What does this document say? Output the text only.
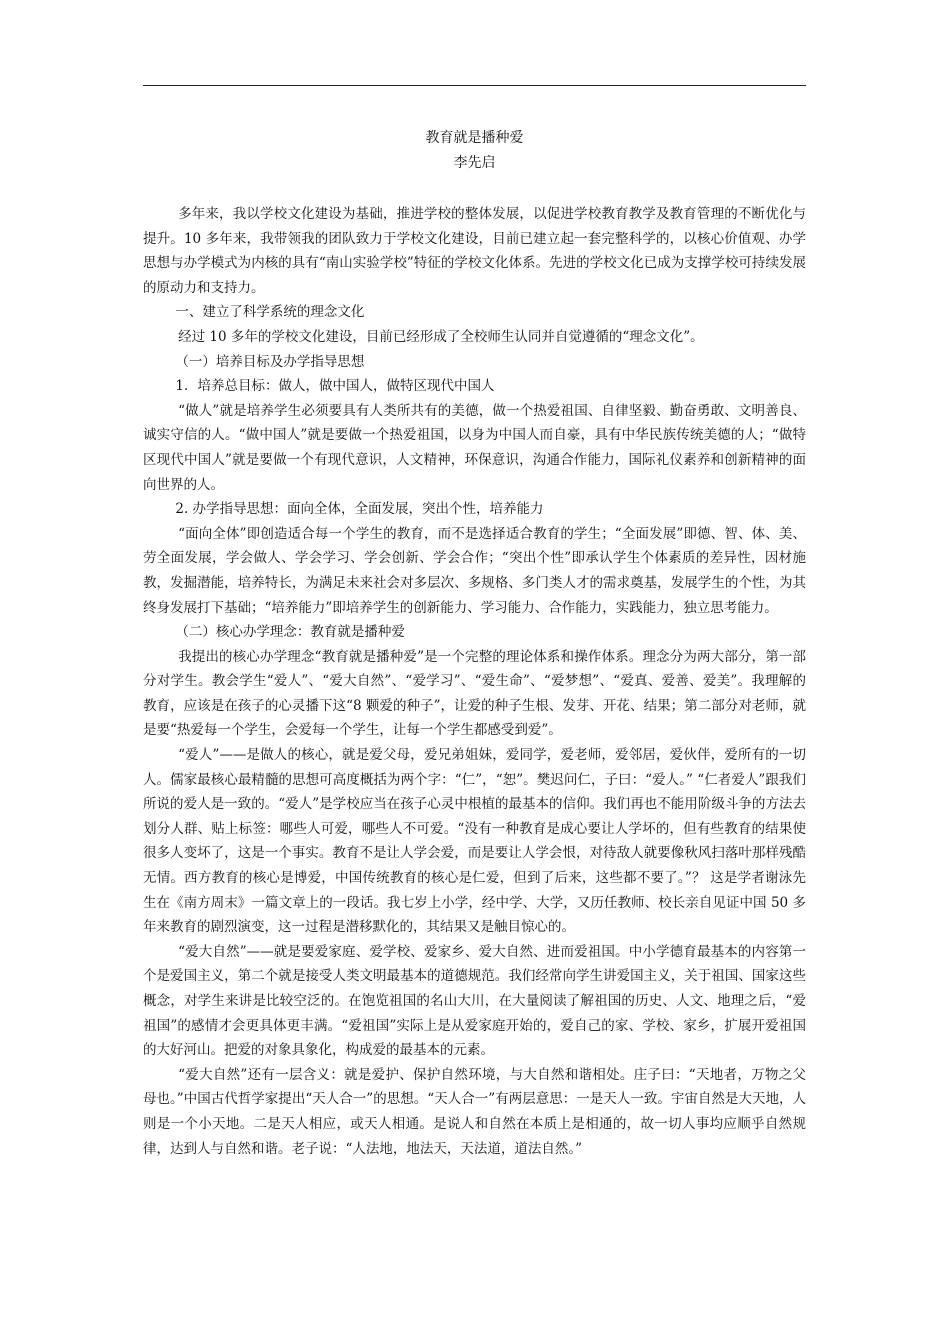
教育就是播种爱
李先启

多年来，我以学校文化建设为基础，推进学校的整体发展，以促进学校教育教学及教育管理的不断优化与提升。10 多年来，我带领我的团队致力于学校文化建设，目前已建立起一套完整科学的，以核心价值观、办学思想与办学模式为内核的具有“南山实验学校”特征的学校文化体系。先进的学校文化已成为支撑学校可持续发展的原动力和支持力。

一、建立了科学系统的理念文化

经过 10 多年的学校文化建设，目前已经形成了全校师生认同并自觉遵循的“理念文化”。

（一）培养目标及办学指导思想

1．培养总目标：做人，做中国人，做特区现代中国人

“做人”就是培养学生必须要具有人类所共有的美德，做一个热爱祖国、自律坚毅、勤奋勇敢、文明善良、诚实守信的人。“做中国人”就是要做一个热爱祖国，以身为中国人而自豪，具有中华民族传统美德的人；“做特区现代中国人”就是要做一个有现代意识，人文精神，环保意识，沟通合作能力，国际礼仪素养和创新精神的面向世界的人。

2. 办学指导思想：面向全体，全面发展，突出个性，培养能力

“面向全体”即创造适合每一个学生的教育，而不是选择适合教育的学生；“全面发展”即德、智、体、美、劳全面发展，学会做人、学会学习、学会创新、学会合作；“突出个性”即承认学生个体素质的差异性，因材施教，发掘潜能，培养特长，为满足未来社会对多层次、多规格、多门类人才的需求奠基，发展学生的个性，为其终身发展打下基础；“培养能力”即培养学生的创新能力、学习能力、合作能力，实践能力，独立思考能力。

（二）核心办学理念：教育就是播种爱

我提出的核心办学理念“教育就是播种爱”是一个完整的理论体系和操作体系。理念分为两大部分，第一部分对学生。教会学生“爱人”、“爱大自然”、“爱学习”、“爱生命”、“爱梦想”、“爱真、爱善、爱美”。我理解的教育，应该是在孩子的心灵播下这“8 颗爱的种子”，让爱的种子生根、发芽、开花、结果；第二部分对老师，就是要“热爱每一个学生，会爱每一个学生，让每一个学生都感受到爱”。

“爱人”——是做人的核心，就是爱父母，爱兄弟姐妹，爱同学，爱老师，爱邻居，爱伙伴，爱所有的一切人。儒家最核心最精髓的思想可高度概括为两个字：“仁”，“恕”。樊迟问仁，子曰：“爱人。” “仁者爱人”跟我们所说的爱人是一致的。“爱人”是学校应当在孩子心灵中根植的最基本的信仰。我们再也不能用阶级斗争的方法去划分人群、贴上标签：哪些人可爱，哪些人不可爱。“没有一种教育是成心要让人学坏的，但有些教育的结果使很多人变坏了，这是一个事实。教育不是让人学会爱，而是要让人学会恨，对待敌人就要像秋风扫落叶那样残酷无情。西方教育的核心是博爱，中国传统教育的核心是仁爱，但到了后来，这些都不要了。”？ 这是学者谢泳先生在《南方周末》一篇文章上的一段话。我七岁上小学，经中学、大学，又历任教师、校长亲自见证中国 50 多年来教育的剧烈演变，这一过程是潜移默化的，其结果又是触目惊心的。

“爱大自然”——就是要爱家庭、爱学校、爱家乡、爱大自然、进而爱祖国。中小学德育最基本的内容第一个是爱国主义，第二个就是接受人类文明最基本的道德规范。我们经常向学生讲爱国主义，关于祖国、国家这些概念，对学生来讲是比较空泛的。在饱览祖国的名山大川，在大量阅读了解祖国的历史、人文、地理之后，“爱祖国”的感情才会更具体更丰满。“爱祖国”实际上是从爱家庭开始的，爱自己的家、学校、家乡，扩展开爱祖国的大好河山。把爱的对象具象化，构成爱的最基本的元素。

“爱大自然”还有一层含义：就是爱护、保护自然环境，与大自然和谐相处。庄子曰：“天地者，万物之父母也。”中国古代哲学家提出“天人合一”的思想。“天人合一”有两层意思：一是天人一致。宇宙自然是大天地，人则是一个小天地。二是天人相应，或天人相通。是说人和自然在本质上是相通的，故一切人事均应顺乎自然规律，达到人与自然和谐。老子说：“人法地，地法天，天法道，道法自然。”
